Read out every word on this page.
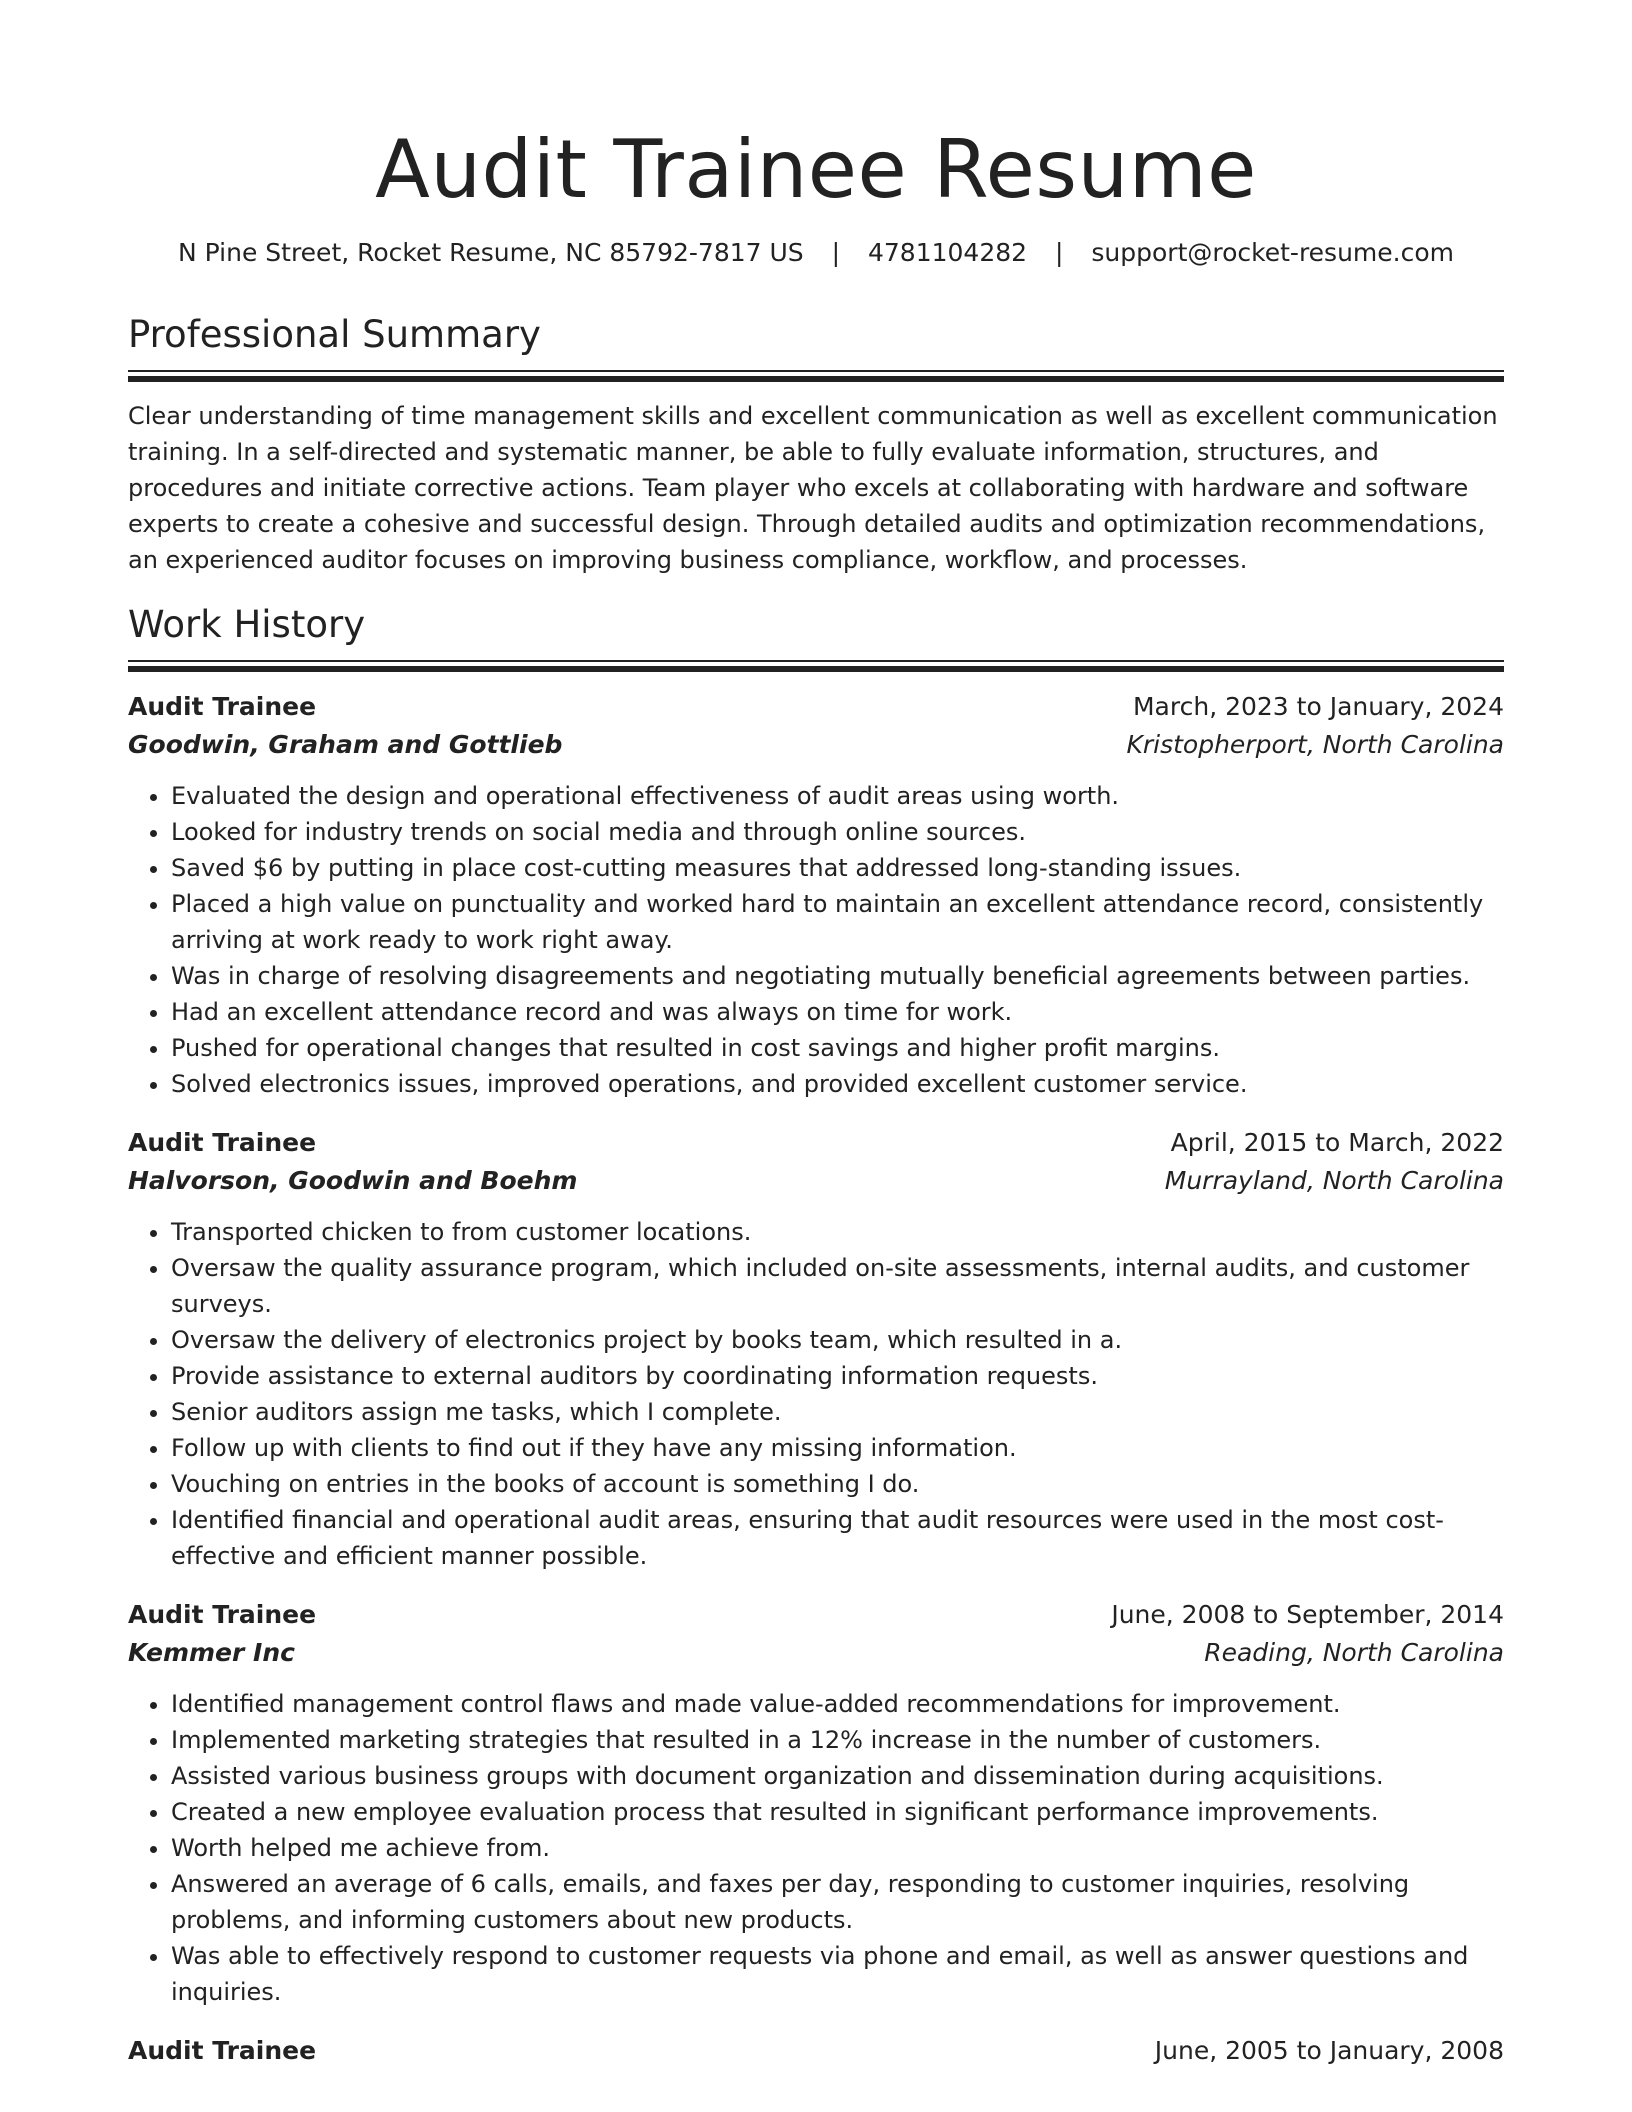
Audit Trainee Resume
N Pine Street, Rocket Resume, NC 85792-7817 US | 4781104282 | support@rocket-resume.com
Professional Summary

Clear understanding of time management skills and excellent communication as well as excellent communication training. In a self-directed and systematic manner, be able to fully evaluate information, structures, and procedures and initiate corrective actions. Team player who excels at collaborating with hardware and software experts to create a cohesive and successful design. Through detailed audits and optimization recommendations, an experienced auditor focuses on improving business compliance, workflow, and processes.

Work History
Audit Trainee	March, 2023 to January, 2024
Goodwin, Graham and Gottlieb	Kristopherport, North Carolina
• Evaluated the design and operational effectiveness of audit areas using worth.
• Looked for industry trends on social media and through online sources.
• Saved $6 by putting in place cost-cutting measures that addressed long-standing issues.
• Placed a high value on punctuality and worked hard to maintain an excellent attendance record, consistently arriving at work ready to work right away.
• Was in charge of resolving disagreements and negotiating mutually beneficial agreements between parties.
• Had an excellent attendance record and was always on time for work.
• Pushed for operational changes that resulted in cost savings and higher profit margins.
• Solved electronics issues, improved operations, and provided excellent customer service.
Audit Trainee	April, 2015 to March, 2022
Halvorson, Goodwin and Boehm	Murrayland, North Carolina
• Transported chicken to from customer locations.
• Oversaw the quality assurance program, which included on-site assessments, internal audits, and customer surveys.
• Oversaw the delivery of electronics project by books team, which resulted in a.
• Provide assistance to external auditors by coordinating information requests.
• Senior auditors assign me tasks, which I complete.
• Follow up with clients to find out if they have any missing information.
• Vouching on entries in the books of account is something I do.
• Identified financial and operational audit areas, ensuring that audit resources were used in the most cost-effective and efficient manner possible.
Audit Trainee	June, 2008 to September, 2014
Kemmer Inc	Reading, North Carolina
• Identified management control flaws and made value-added recommendations for improvement.
• Implemented marketing strategies that resulted in a 12% increase in the number of customers.
• Assisted various business groups with document organization and dissemination during acquisitions.
• Created a new employee evaluation process that resulted in significant performance improvements.
• Worth helped me achieve from.
• Answered an average of 6 calls, emails, and faxes per day, responding to customer inquiries, resolving problems, and informing customers about new products.
• Was able to effectively respond to customer requests via phone and email, as well as answer questions and inquiries.
Audit Trainee	June, 2005 to January, 2008
